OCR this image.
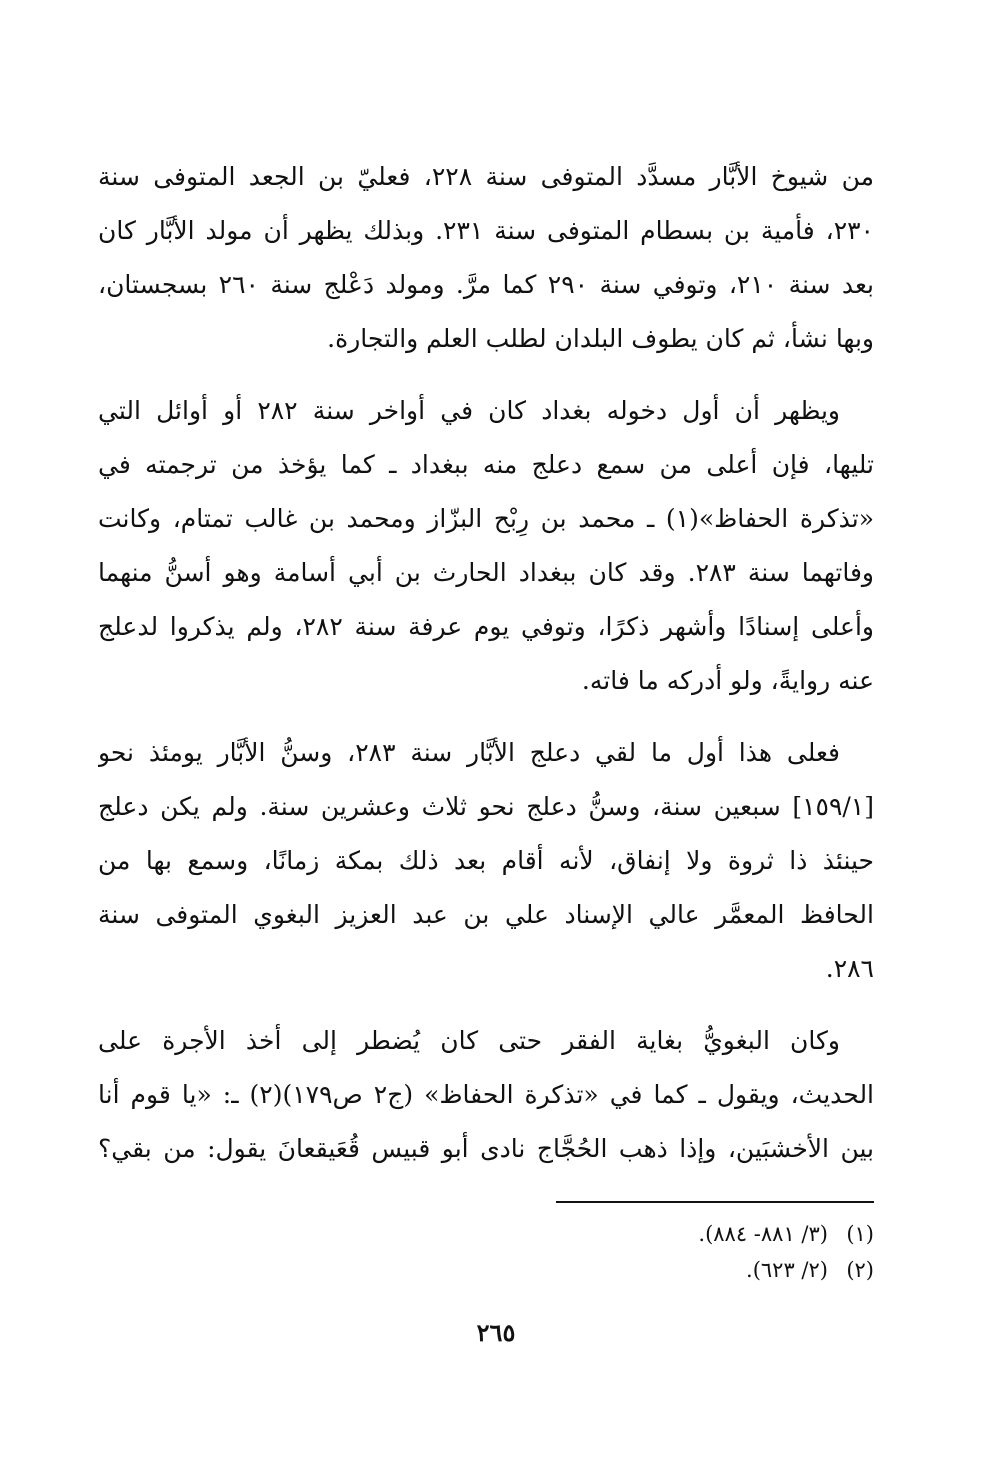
من شيوخ الأبَّار مسدَّد المتوفى سنة ٢٢٨، فعليّ بن الجعد المتوفى سنة
٢٣٠، فأمية بن بسطام المتوفى سنة ٢٣١. وبذلك يظهر أن مولد الأبَّار كان
بعد سنة ٢١٠، وتوفي سنة ٢٩٠ كما مرَّ. ومولد دَعْلج سنة ٢٦٠ بسجستان،
وبها نشأ، ثم كان يطوف البلدان لطلب العلم والتجارة.
ويظهر أن أول دخوله بغداد كان في أواخر سنة ٢٨٢ أو أوائل التي
تليها، فإن أعلى من سمع دعلج منه ببغداد ـ كما يؤخذ من ترجمته في
«تذكرة الحفاظ»(١) ـ محمد بن رِبْح البزّاز ومحمد بن غالب تمتام، وكانت
وفاتهما سنة ٢٨٣. وقد كان ببغداد الحارث بن أبي أسامة وهو أسنُّ منهما
وأعلى إسنادًا وأشهر ذكرًا، وتوفي يوم عرفة سنة ٢٨٢، ولم يذكروا لدعلج
عنه روايةً، ولو أدركه ما فاته.
فعلى هذا أول ما لقي دعلج الأبَّار سنة ٢٨٣، وسنُّ الأبَّار يومئذ نحو
[١٥٩/١] سبعين سنة، وسنُّ دعلج نحو ثلاث وعشرين سنة. ولم يكن دعلج
حينئذ ذا ثروة ولا إنفاق، لأنه أقام بعد ذلك بمكة زمانًا، وسمع بها من
الحافظ المعمَّر عالي الإسناد علي بن عبد العزيز البغوي المتوفى سنة
٢٨٦.
وكان البغويُّ بغاية الفقر حتى كان يُضطر إلى أخذ الأجرة على
الحديث، ويقول ـ كما في «تذكرة الحفاظ» (ج٢ ص١٧٩)(٢) ـ: «يا قوم أنا
بين الأخشبَين، وإذا ذهب الحُجَّاج نادى أبو قبيس قُعَيقعانَ يقول: من بقي؟
(١)(٣/ ٨٨١- ٨٨٤).
(٢)(٢/ ٦٢٣).
٢٦٥
